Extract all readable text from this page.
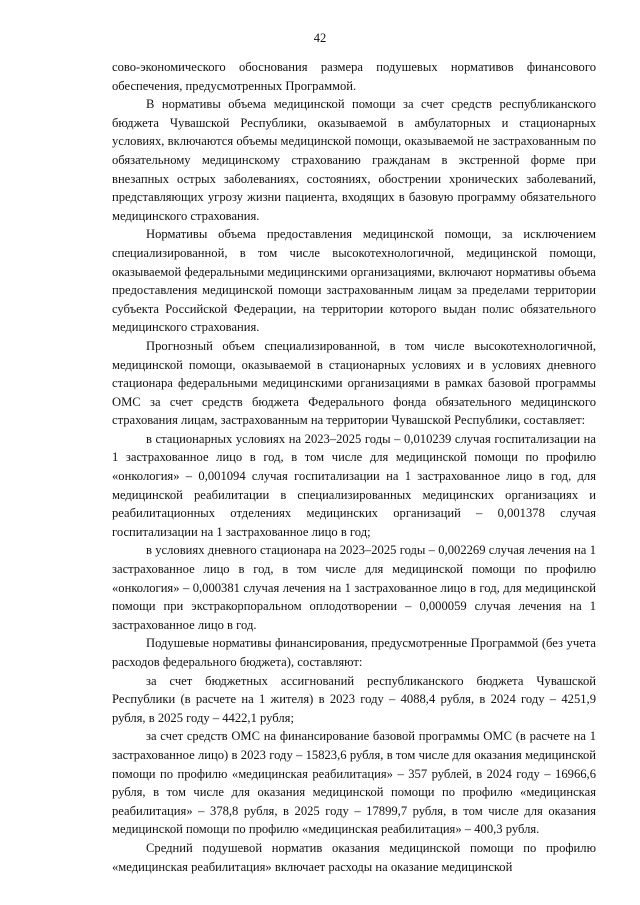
42

сово-экономического обоснования размера подушевых нормативов финансового обеспечения, предусмотренных Программой.

В нормативы объема медицинской помощи за счет средств республиканского бюджета Чувашской Республики, оказываемой в амбулаторных и стационарных условиях, включаются объемы медицинской помощи, оказываемой не застрахованным по обязательному медицинскому страхованию гражданам в экстренной форме при внезапных острых заболеваниях, состояниях, обострении хронических заболеваний, представляющих угрозу жизни пациента, входящих в базовую программу обязательного медицинского страхования.

Нормативы объема предоставления медицинской помощи, за исключением специализированной, в том числе высокотехнологичной, медицинской помощи, оказываемой федеральными медицинскими организациями, включают нормативы объема предоставления медицинской помощи застрахованным лицам за пределами территории субъекта Российской Федерации, на территории которого выдан полис обязательного медицинского страхования.

Прогнозный объем специализированной, в том числе высокотехнологичной, медицинской помощи, оказываемой в стационарных условиях и в условиях дневного стационара федеральными медицинскими организациями в рамках базовой программы ОМС за счет средств бюджета Федерального фонда обязательного медицинского страхования лицам, застрахованным на территории Чувашской Республики, составляет:

в стационарных условиях на 2023–2025 годы – 0,010239 случая госпитализации на 1 застрахованное лицо в год, в том числе для медицинской помощи по профилю «онкология» – 0,001094 случая госпитализации на 1 застрахованное лицо в год, для медицинской реабилитации в специализированных медицинских организациях и реабилитационных отделениях медицинских организаций – 0,001378 случая госпитализации на 1 застрахованное лицо в год;

в условиях дневного стационара на 2023–2025 годы – 0,002269 случая лечения на 1 застрахованное лицо в год, в том числе для медицинской помощи по профилю «онкология» – 0,000381 случая лечения на 1 застрахованное лицо в год, для медицинской помощи при экстракорпоральном оплодотворении – 0,000059 случая лечения на 1 застрахованное лицо в год.

Подушевые нормативы финансирования, предусмотренные Программой (без учета расходов федерального бюджета), составляют:

за счет бюджетных ассигнований республиканского бюджета Чувашской Республики (в расчете на 1 жителя) в 2023 году – 4088,4 рубля, в 2024 году – 4251,9 рубля, в 2025 году – 4422,1 рубля;

за счет средств ОМС на финансирование базовой программы ОМС (в расчете на 1 застрахованное лицо) в 2023 году – 15823,6 рубля, в том числе для оказания медицинской помощи по профилю «медицинская реабилитация» – 357 рублей, в 2024 году – 16966,6 рубля, в том числе для оказания медицинской помощи по профилю «медицинская реабилитация» – 378,8 рубля, в 2025 году – 17899,7 рубля, в том числе для оказания медицинской помощи по профилю «медицинская реабилитация» – 400,3 рубля.

Средний подушевой норматив оказания медицинской помощи по профилю «медицинская реабилитация» включает расходы на оказание медицинской
